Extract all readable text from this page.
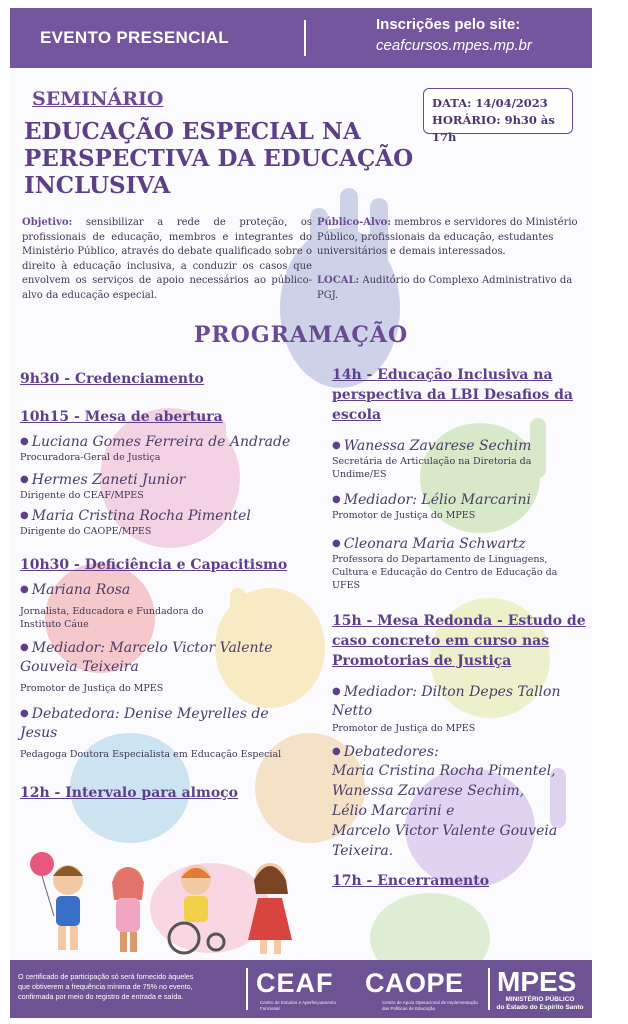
EVENTO PRESENCIAL
Inscrições pelo site:
ceafcursos.mpes.mp.br
SEMINÁRIO
EDUCAÇÃO ESPECIAL NA
PERSPECTIVA DA EDUCAÇÃO
INCLUSIVA
DATA: 14/04/2023
HORÁRIO: 9h30 às 17h
Objetivo: sensibilizar a rede de proteção, os profissionais de educação, membros e integrantes do Ministério Público, através do debate qualificado sobre o direito à educação inclusiva, a conduzir os casos que envolvem os serviços de apoio necessários ao público-alvo da educação especial.
Público-Alvo: membros e servidores do Ministério Público, profissionais da educação, estudantes universitários e demais interessados.
LOCAL: Auditório do Complexo Administrativo da PGJ.
PROGRAMAÇÃO
9h30 - Credenciamento
10h15 - Mesa de abertura
● Luciana Gomes Ferreira de Andrade
Procuradora-Geral de Justiça
● Hermes Zaneti Junior
Dirigente do CEAF/MPES
● Maria Cristina Rocha Pimentel
Dirigente do CAOPE/MPES
10h30 - Deficiência e Capacitismo
● Mariana Rosa
Jornalista, Educadora e Fundadora do
Instituto Cáue
● Mediador: Marcelo Victor Valente
Gouveia Teixeira
Promotor de Justiça do MPES
● Debatedora: Denise Meyrelles de
Jesus
Pedagoga Doutora Especialista em Educação Especial
12h - Intervalo para almoço
14h - Educação Inclusiva na
perspectiva da LBI Desafios da
escola
● Wanessa Zavarese Sechim
Secretária de Articulação na Diretoria da
Undime/ES
● Mediador: Lélio Marcarini
Promotor de Justiça do MPES
● Cleonara Maria Schwartz
Professora do Departamento de Linguagens,
Cultura e Educação do Centro de Educação da
UFES
15h - Mesa Redonda - Estudo de
caso concreto em curso nas
Promotorias de Justiça
● Mediador: Dilton Depes Tallon
Netto
Promotor de Justiça do MPES
● Debatedores:
Maria Cristina Rocha Pimentel,
Wanessa Zavarese Sechim,
Lélio Marcarini e
Marcelo Victor Valente Gouveia
Teixeira.
17h - Encerramento
O certificado de participação só será fornecido àqueles
que obtiverem a frequência mínima de 75% no evento,
confirmada por meio do registro de entrada e saída.	CEAF
Centro de Estudos e Aperfeiçoamento Funcional
CAOPE
Centro de Apoio Operacional de Implementação das Políticas de Educação
MPES
MINISTÉRIO PÚBLICO
do Estado do Espírito Santo
